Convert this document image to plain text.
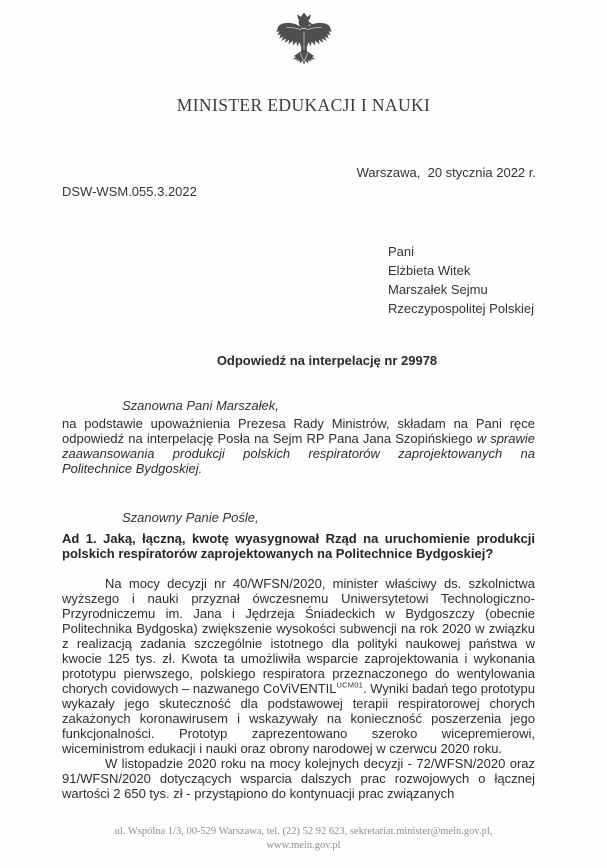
MINISTER EDUKACJI I NAUKI
Warszawa,  20 stycznia 2022 r.
DSW-WSM.055.3.2022
Pani
Elżbieta Witek
Marszałek Sejmu
Rzeczypospolitej Polskiej
Odpowiedź na interpelację nr 29978
Szanowna Pani Marszałek,

na podstawie upoważnienia Prezesa Rady Ministrów, składam na Pani ręce odpowiedź na interpelację Posła na Sejm RP Pana Jana Szopińskiego w sprawie zaawansowania produkcji polskich respiratorów zaprojektowanych na Politechnice Bydgoskiej.

Szanowny Panie Pośle,
Ad 1. Jaką, łączną, kwotę wyasygnował Rząd na uruchomienie produkcji polskich respiratorów zaprojektowanych na Politechnice Bydgoskiej?

Na mocy decyzji nr 40/WFSN/2020, minister właściwy ds. szkolnictwa wyższego i nauki przyznał ówczesnemu Uniwersytetowi Technologiczno-Przyrodniczemu im. Jana i Jędrzeja Śniadeckich w Bydgoszczy (obecnie Politechnika Bydgoska) zwiększenie wysokości subwencji na rok 2020 w związku z realizacją zadania szczególnie istotnego dla polityki naukowej państwa w kwocie 125 tys. zł. Kwota ta umożliwiła wsparcie zaprojektowania i wykonania prototypu pierwszego, polskiego respiratora przeznaczonego do wentylowania chorych covidowych – nazwanego CoViVENTIL$^{UCM01}$. Wyniki badań tego prototypu wykazały jego skuteczność dla podstawowej terapii respiratorowej chorych zakażonych koronawirusem i wskazywały na konieczność poszerzenia jego funkcjonalności. Prototyp zaprezentowano szeroko wicepremierowi, wiceministrom edukacji i nauki oraz obrony narodowej w czerwcu 2020 roku.

W listopadzie 2020 roku na mocy kolejnych decyzji - 72/WFSN/2020 oraz 91/WFSN/2020 dotyczących wsparcia dalszych prac rozwojowych o łącznej wartości 2 650 tys. zł - przystąpiono do kontynuacji prac związanych

ul. Wspólna 1/3, 00-529 Warszawa, tel. (22) 52 92 623, sekretariat.minister@mein.gov.pl,
www.mein.gov.pl
